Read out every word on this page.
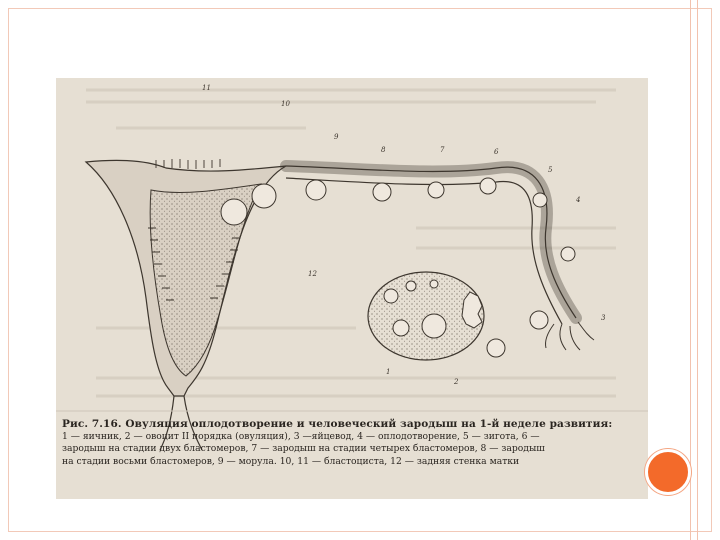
11
10
9
8	7	6
5
4
3
2
1
12

Рис. 7.16. Овуляция оплодотворение и человеческий зародыш на 1-й неделе развития:

1 — яичник, 2 — овоцит II порядка (овуляция), 3 —яйцевод, 4 — оплодотворение, 5 — зигота, 6 —

зародыш на стадии двух бластомеров, 7 — зародыш на стадии четырех бластомеров, 8 — зародыш

на стадии восьми бластомеров, 9 — морула. 10, 11 — бластоциста, 12 — задняя стенка матки
